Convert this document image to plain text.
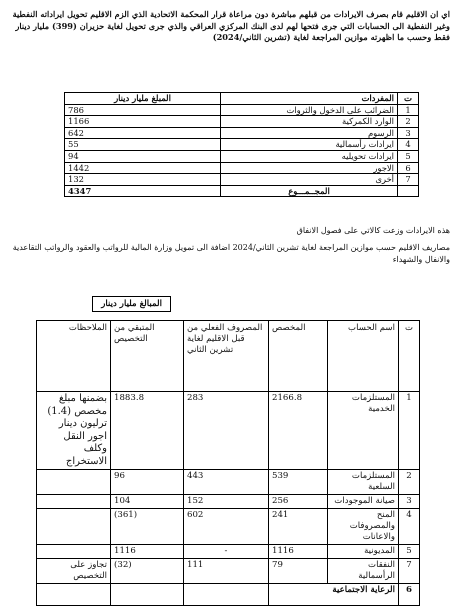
اي ان الاقليم قام بصرف الايرادات من قبلهم مباشرة دون مراعاة قرار المحكمة الاتحادية الذي الزم الاقليم تحويل ايراداته النفطية وغير النفطية الى الحسابات التي جرى فتحها لهم لدى البنك المركزي العراقي والذي جرى تحويل لغاية حزيران (399) مليار دينار فقط وحسب ما اظهرته موازين المراجعة لغاية (تشرين الثاني/2024)
ت	المفردات	المبلغ مليار دينار
1	الضرائب على الدخول والثروات	786
2	الوارد الكمركية	1166
3	الرسوم	642
4	ايرادات رأسمالية	55
5	ايرادات تحويليه	94
6	الاجور	1442
7	أخرى	132
	المجــمـــوع	4347
هذه الايرادات وزعت كالاتي على فصول الانفاق
مصاريف الاقليم حسب موازين المراجعة لغاية تشرين الثاني/2024 اضافة الى تمويل وزارة المالية للرواتب والعقود والرواتب التقاعدية والانفال والشهداء
المبالغ مليار دينار
ت	اسم الحساب	المخصص	المصروف الفعلي من قبل الاقليم لغاية تشرين الثاني	المتبقي من التخصيص	الملاحظات
1	المستلزمات الخدمية	2166.8	283	1883.8	بضمنها مبلغ مخصص (1.4) ترليون دينار اجور النقل وكلف الاستخراج
2	المستلزمات السلعية	539	443	96	
3	صيانة الموجودات	256	152	104	
4	المنح والمصروفات والاعانات	241	602	(361)	
5	المديونية	1116	-	1116	
7	النفقات الرأسمالية	79	111	(32)	تجاوز على التخصيص
6	الرعاية الاجتماعية				
